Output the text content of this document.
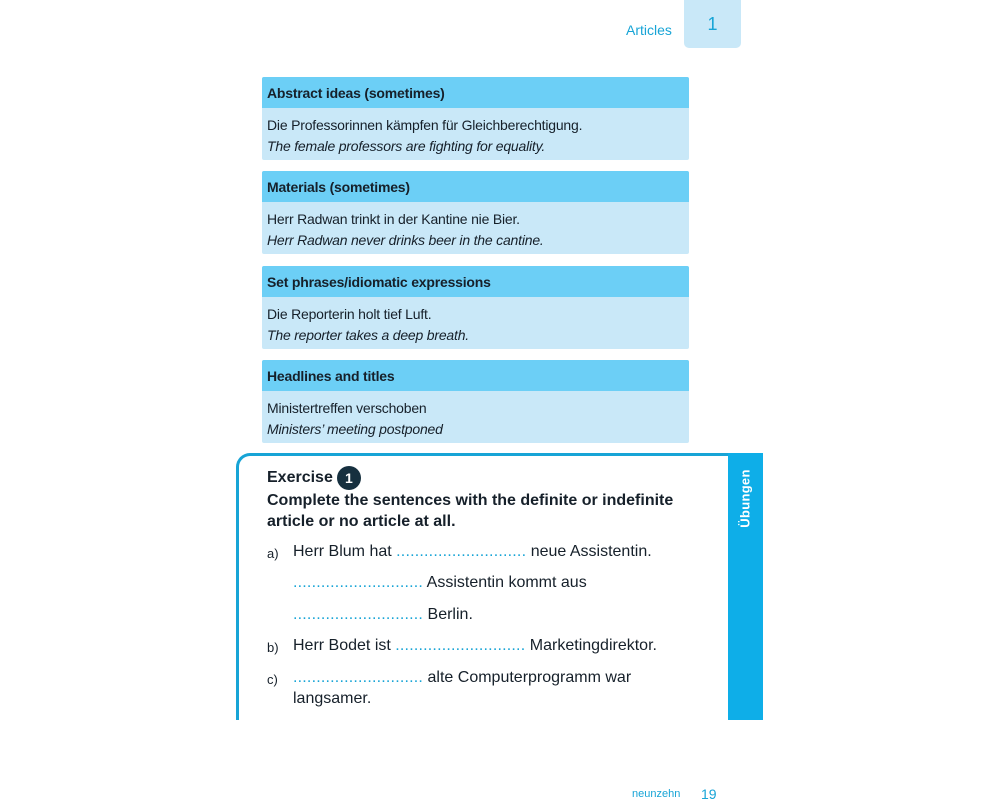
Articles 1
Abstract ideas (sometimes)
Die Professorinnen kämpfen für Gleichberechtigung.
The female professors are fighting for equality.
Materials (sometimes)
Herr Radwan trinkt in der Kantine nie Bier.
Herr Radwan never drinks beer in the cantine.
Set phrases/idiomatic expressions
Die Reporterin holt tief Luft.
The reporter takes a deep breath.
Headlines and titles
Ministertreffen verschoben
Ministers’ meeting postponed
Übungen
Exercise 1
Complete the sentences with the definite or indefinite article or no article at all.
a) Herr Blum hat ............................ neue Assistentin.
............................ Assistentin kommt aus
............................ Berlin.
b) Herr Bodet ist ............................ Marketingdirektor.
c) ............................ alte Computerprogramm war
langsamer.
neunzehn 19
